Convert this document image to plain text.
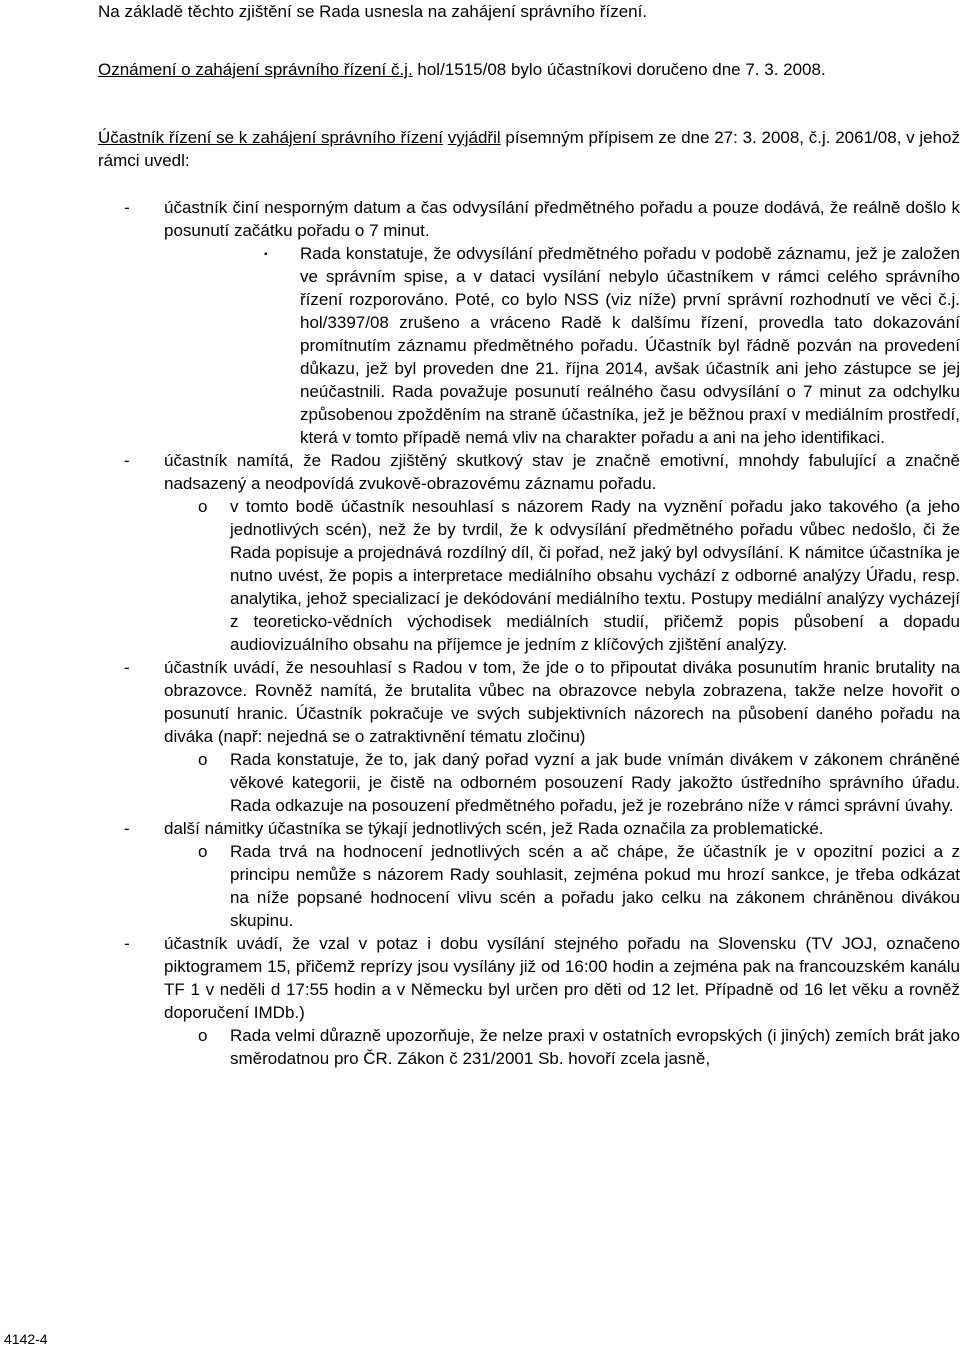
Na základě těchto zjištění se Rada usnesla na zahájení správního řízení.

Oznámení o zahájení správního řízení č.j. hol/1515/08 bylo účastníkovi doručeno dne 7. 3. 2008.

Účastník řízení se k zahájení správního řízení vyjádřil písemným přípisem ze dne 27: 3. 2008, č.j. 2061/08, v jehož rámci uvedl:

- účastník činí nesporným datum a čas odvysílání předmětného pořadu a pouze dodává, že reálně došlo k posunutí začátku pořadu o 7 minut.
▪ Rada konstatuje, že odvysílání předmětného pořadu v podobě záznamu, jež je založen ve správním spise, a v dataci vysílání nebylo účastníkem v rámci celého správního řízení rozporováno. Poté, co bylo NSS (viz níže) první správní rozhodnutí ve věci č.j. hol/3397/08 zrušeno a vráceno Radě k dalšímu řízení, provedla tato dokazování promítnutím záznamu předmětného pořadu. Účastník byl řádně pozván na provedení důkazu, jež byl proveden dne 21. října 2014, avšak účastník ani jeho zástupce se jej neúčastnili. Rada považuje posunutí reálného času odvysílání o 7 minut za odchylku způsobenou zpožděním na straně účastníka, jež je běžnou praxí v mediálním prostředí, která v tomto případě nemá vliv na charakter pořadu a ani na jeho identifikaci.
- účastník namítá, že Radou zjištěný skutkový stav je značně emotivní, mnohdy fabulující a značně nadsazený a neodpovídá zvukově-obrazovému záznamu pořadu.
o v tomto bodě účastník nesouhlasí s názorem Rady na vyznění pořadu jako takového (a jeho jednotlivých scén), než že by tvrdil, že k odvysílání předmětného pořadu vůbec nedošlo, či že Rada popisuje a projednává rozdílný díl, či pořad, než jaký byl odvysílání. K námitce účastníka je nutno uvést, že popis a interpretace mediálního obsahu vychází z odborné analýzy Úřadu, resp. analytika, jehož specializací je dekódování mediálního textu. Postupy mediální analýzy vycházejí z teoreticko-vědních východisek mediálních studií, přičemž popis působení a dopadu audiovizuálního obsahu na příjemce je jedním z klíčových zjištění analýzy.
- účastník uvádí, že nesouhlasí s Radou v tom, že jde o to připoutat diváka posunutím hranic brutality na obrazovce. Rovněž namítá, že brutalita vůbec na obrazovce nebyla zobrazena, takže nelze hovořit o posunutí hranic. Účastník pokračuje ve svých subjektivních názorech na působení daného pořadu na diváka (např: nejedná se o zatraktivnění tématu zločinu)
o Rada konstatuje, že to, jak daný pořad vyzní a jak bude vnímán divákem v zákonem chráněné věkové kategorii, je čistě na odborném posouzení Rady jakožto ústředního správního úřadu. Rada odkazuje na posouzení předmětného pořadu, jež je rozebráno níže v rámci správní úvahy.
- další námitky účastníka se týkají jednotlivých scén, jež Rada označila za problematické.
o Rada trvá na hodnocení jednotlivých scén a ač chápe, že účastník je v opozitní pozici a z principu nemůže s názorem Rady souhlasit, zejména pokud mu hrozí sankce, je třeba odkázat na níže popsané hodnocení vlivu scén a pořadu jako celku na zákonem chráněnou divákou skupinu.
- účastník uvádí, že vzal v potaz i dobu vysílání stejného pořadu na Slovensku (TV JOJ, označeno piktogramem 15, přičemž reprízy jsou vysílány již od 16:00 hodin a zejména pak na francouzském kanálu TF 1 v neděli d 17:55 hodin a v Německu byl určen pro děti od 12 let. Případně od 16 let věku a rovněž doporučení IMDb.)
o Rada velmi důrazně upozorňuje, že nelze praxi v ostatních evropských (i jiných) zemích brát jako směrodatnou pro ČR. Zákon č 231/2001 Sb. hovoří zcela jasně,
4142-4
